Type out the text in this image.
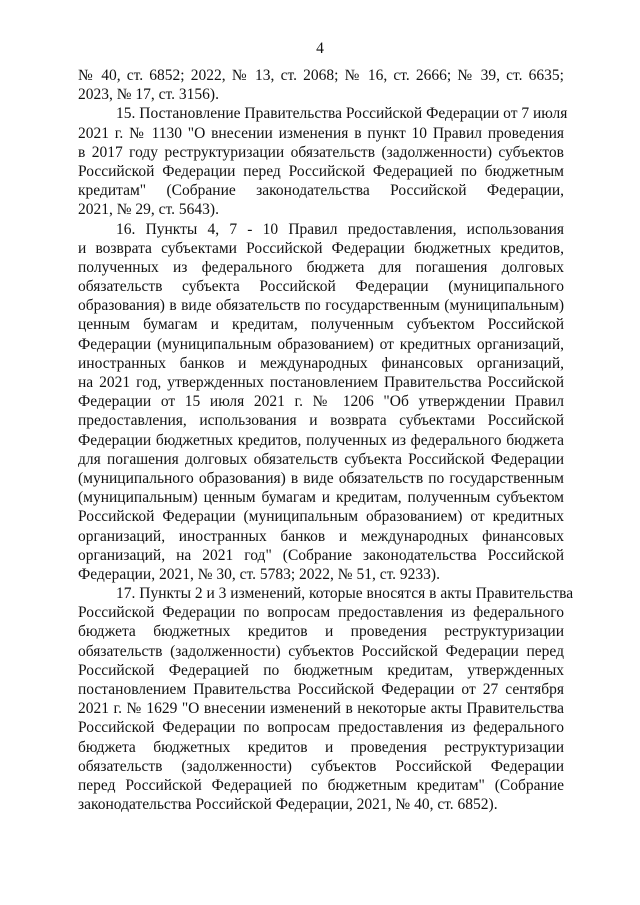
4
№ 40, ст. 6852; 2022, № 13, ст. 2068; № 16, ст. 2666; № 39, ст. 6635;
2023, № 17, ст. 3156).
15. Постановление Правительства Российской Федерации от 7 июля
2021 г. № 1130 "О внесении изменения в пункт 10 Правил проведения
в 2017 году реструктуризации обязательств (задолженности) субъектов
Российской Федерации перед Российской Федерацией по бюджетным
кредитам" (Собрание законодательства Российской Федерации,
2021, № 29, ст. 5643).
16. Пункты 4, 7 - 10 Правил предоставления, использования
и возврата субъектами Российской Федерации бюджетных кредитов,
полученных из федерального бюджета для погашения долговых
обязательств субъекта Российской Федерации (муниципального
образования) в виде обязательств по государственным (муниципальным)
ценным бумагам и кредитам, полученным субъектом Российской
Федерации (муниципальным образованием) от кредитных организаций,
иностранных банков и международных финансовых организаций,
на 2021 год, утвержденных постановлением Правительства Российской
Федерации от 15 июля 2021 г. № 1206 "Об утверждении Правил
предоставления, использования и возврата субъектами Российской
Федерации бюджетных кредитов, полученных из федерального бюджета
для погашения долговых обязательств субъекта Российской Федерации
(муниципального образования) в виде обязательств по государственным
(муниципальным) ценным бумагам и кредитам, полученным субъектом
Российской Федерации (муниципальным образованием) от кредитных
организаций, иностранных банков и международных финансовых
организаций, на 2021 год" (Собрание законодательства Российской
Федерации, 2021, № 30, ст. 5783; 2022, № 51, ст. 9233).
17. Пункты 2 и 3 изменений, которые вносятся в акты Правительства
Российской Федерации по вопросам предоставления из федерального
бюджета бюджетных кредитов и проведения реструктуризации
обязательств (задолженности) субъектов Российской Федерации перед
Российской Федерацией по бюджетным кредитам, утвержденных
постановлением Правительства Российской Федерации от 27 сентября
2021 г. № 1629 "О внесении изменений в некоторые акты Правительства
Российской Федерации по вопросам предоставления из федерального
бюджета бюджетных кредитов и проведения реструктуризации
обязательств (задолженности) субъектов Российской Федерации
перед Российской Федерацией по бюджетным кредитам" (Собрание
законодательства Российской Федерации, 2021, № 40, ст. 6852).
